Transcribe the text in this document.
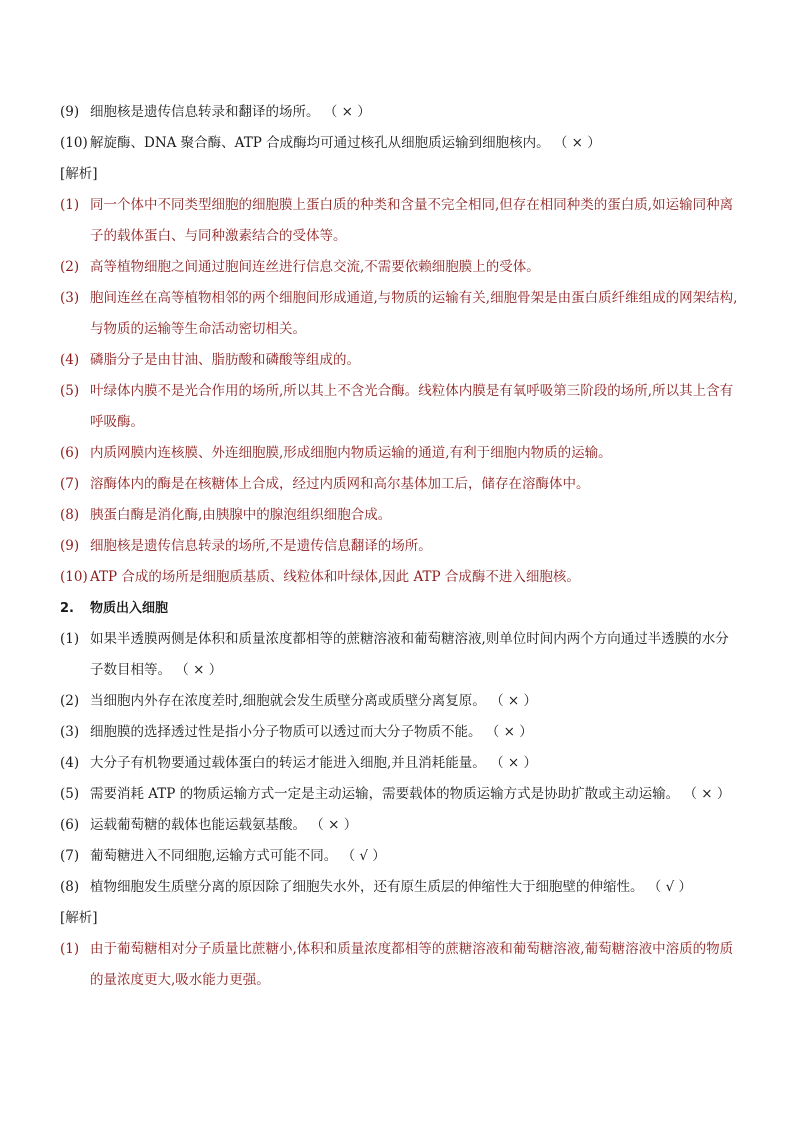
(9) 细胞核是遗传信息转录和翻译的场所。 （ × ）
(10) 解旋酶、DNA 聚合酶、ATP 合成酶均可通过核孔从细胞质运输到细胞核内。 （ × ）
[解析]
(1) 同一个体中不同类型细胞的细胞膜上蛋白质的种类和含量不完全相同,但存在相同种类的蛋白质,如运输同种离子的载体蛋白、与同种激素结合的受体等。
(2) 高等植物细胞之间通过胞间连丝进行信息交流,不需要依赖细胞膜上的受体。
(3) 胞间连丝在高等植物相邻的两个细胞间形成通道,与物质的运输有关,细胞骨架是由蛋白质纤维组成的网架结构,与物质的运输等生命活动密切相关。
(4) 磷脂分子是由甘油、脂肪酸和磷酸等组成的。
(5) 叶绿体内膜不是光合作用的场所,所以其上不含光合酶。线粒体内膜是有氧呼吸第三阶段的场所,所以其上含有呼吸酶。
(6) 内质网膜内连核膜、外连细胞膜,形成细胞内物质运输的通道,有利于细胞内物质的运输。
(7) 溶酶体内的酶是在核糖体上合成，经过内质网和高尔基体加工后，储存在溶酶体中。
(8) 胰蛋白酶是消化酶,由胰腺中的腺泡组织细胞合成。
(9) 细胞核是遗传信息转录的场所,不是遗传信息翻译的场所。
(10) ATP 合成的场所是细胞质基质、线粒体和叶绿体,因此 ATP 合成酶不进入细胞核。
2. 物质出入细胞
(1) 如果半透膜两侧是体积和质量浓度都相等的蔗糖溶液和葡萄糖溶液,则单位时间内两个方向通过半透膜的水分子数目相等。 （ × ）
(2) 当细胞内外存在浓度差时,细胞就会发生质壁分离或质壁分离复原。 （ × ）
(3) 细胞膜的选择透过性是指小分子物质可以透过而大分子物质不能。 （ × ）
(4) 大分子有机物要通过载体蛋白的转运才能进入细胞,并且消耗能量。 （ × ）
(5) 需要消耗 ATP 的物质运输方式一定是主动运输，需要载体的物质运输方式是协助扩散或主动运输。 （ × ）
(6) 运载葡萄糖的载体也能运载氨基酸。 （ × ）
(7) 葡萄糖进入不同细胞,运输方式可能不同。 （ √ ）
(8) 植物细胞发生质壁分离的原因除了细胞失水外，还有原生质层的伸缩性大于细胞壁的伸缩性。 （ √ ）
[解析]
(1) 由于葡萄糖相对分子质量比蔗糖小,体积和质量浓度都相等的蔗糖溶液和葡萄糖溶液,葡萄糖溶液中溶质的物质的量浓度更大,吸水能力更强。
